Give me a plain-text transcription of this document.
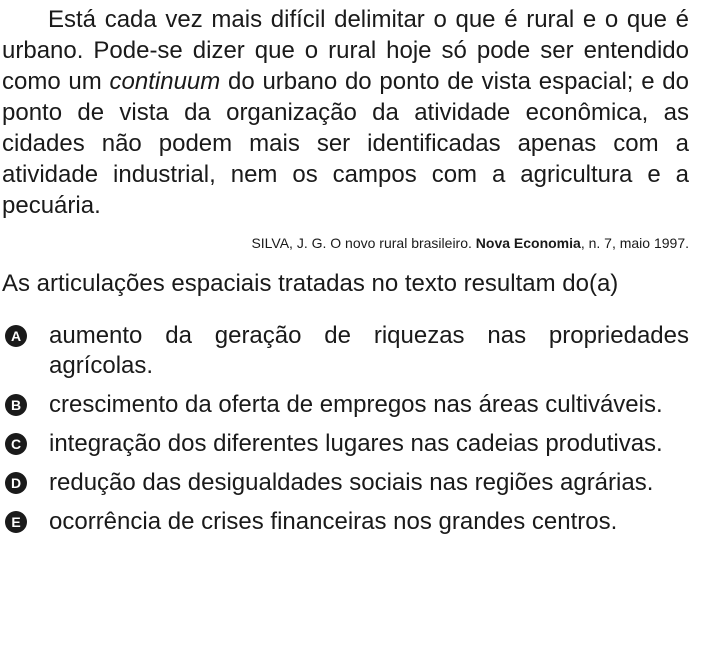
Está cada vez mais difícil delimitar o que é rural e o que é urbano. Pode-se dizer que o rural hoje só pode ser entendido como um continuum do urbano do ponto de vista espacial; e do ponto de vista da organização da atividade econômica, as cidades não podem mais ser identificadas apenas com a atividade industrial, nem os campos com a agricultura e a pecuária.

SILVA, J. G. O novo rural brasileiro. Nova Economia, n. 7, maio 1997.

As articulações espaciais tratadas no texto resultam do(a)

A aumento da geração de riquezas nas propriedades agrícolas.
B crescimento da oferta de empregos nas áreas cultiváveis.
C integração dos diferentes lugares nas cadeias produtivas.
D redução das desigualdades sociais nas regiões agrárias.
E ocorrência de crises financeiras nos grandes centros.
